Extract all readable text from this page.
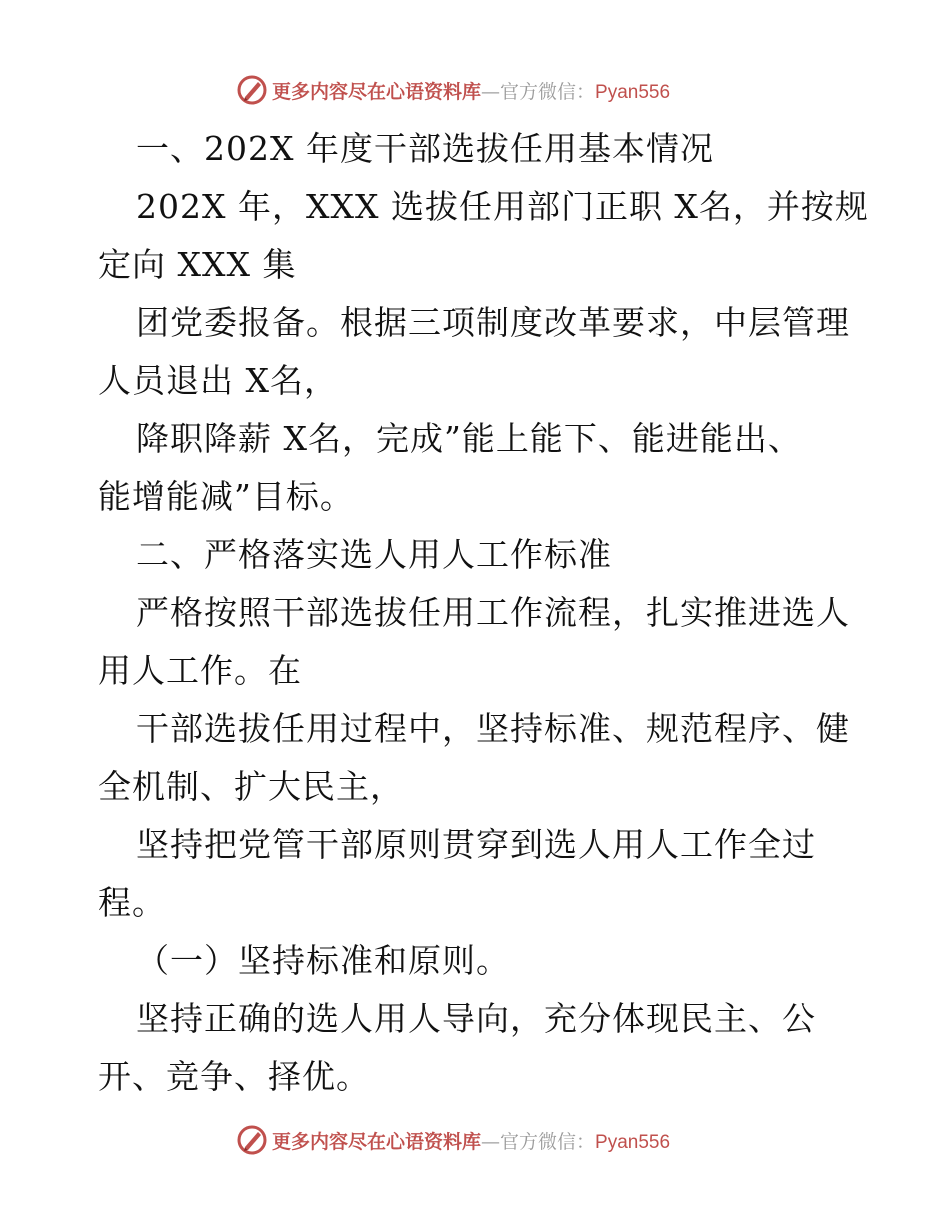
更多内容尽在心语资料库—官方微信：Pyan556
一、202X 年度干部选拔任用基本情况
202X 年，XXX 选拔任用部门正职 X名，并按规
定向 XXX 集
团党委报备。根据三项制度改革要求，中层管理
人员退出 X名，
降职降薪 X名，完成”能上能下、能进能出、
能增能减”目标。
二、严格落实选人用人工作标准
严格按照干部选拔任用工作流程，扎实推进选人
用人工作。在
干部选拔任用过程中，坚持标准、规范程序、健
全机制、扩大民主，
坚持把党管干部原则贯穿到选人用人工作全过
程。
（一）坚持标准和原则。
坚持正确的选人用人导向，充分体现民主、公
开、竞争、择优。
更多内容尽在心语资料库—官方微信：Pyan556
